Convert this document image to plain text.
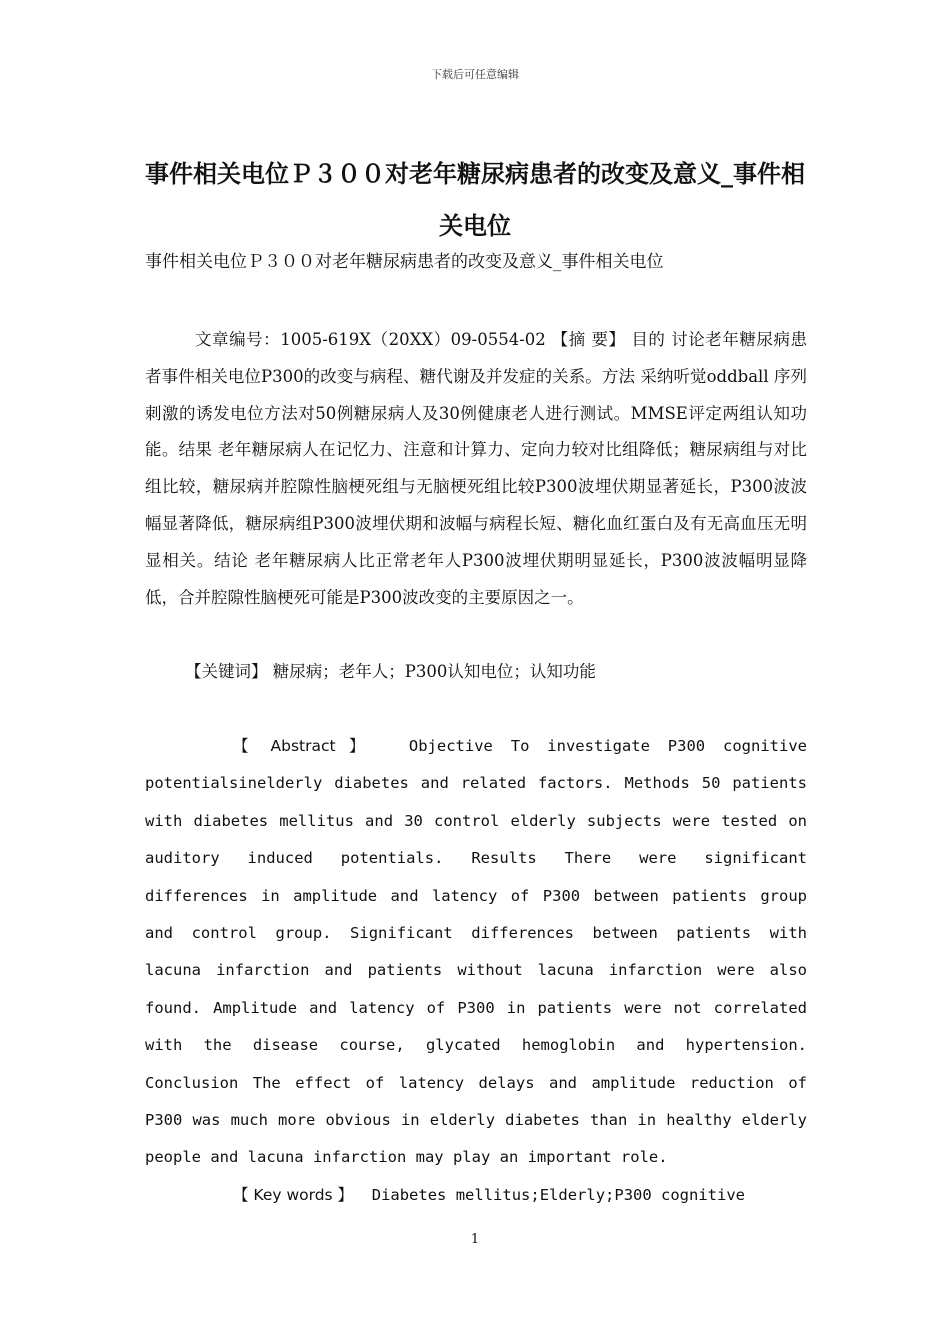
下载后可任意编辑
事件相关电位Ｐ３００对老年糖尿病患者的改变及意义_事件相关电位
事件相关电位Ｐ３００对老年糖尿病患者的改变及意义_事件相关电位
文章编号：1005-619X（20XX）09-0554-02 【摘 要】 目的 讨论老年糖尿病患者事件相关电位P300的改变与病程、糖代谢及并发症的关系。方法 采纳听觉oddball 序列刺激的诱发电位方法对50例糖尿病人及30例健康老人进行测试。MMSE评定两组认知功能。结果 老年糖尿病人在记忆力、注意和计算力、定向力较对比组降低；糖尿病组与对比组比较，糖尿病并腔隙性脑梗死组与无脑梗死组比较P300波埋伏期显著延长，P300波波幅显著降低，糖尿病组P300波埋伏期和波幅与病程长短、糖化血红蛋白及有无高血压无明显相关。结论 老年糖尿病人比正常老年人P300波埋伏期明显延长，P300波波幅明显降低，合并腔隙性脑梗死可能是P300波改变的主要原因之一。
【关键词】 糖尿病；老年人；P300认知电位；认知功能
【 Abstract 】 Objective To investigate P300 cognitive potentialsinelderly diabetes and related factors. Methods 50 patients with diabetes mellitus and 30 control elderly subjects were tested on auditory induced potentials. Results There were significant differences in amplitude and latency of P300 between patients group and control group. Significant differences between patients with lacuna infarction and patients without lacuna infarction were also found. Amplitude and latency of P300 in patients were not correlated with the disease course, glycated hemoglobin and hypertension. Conclusion The effect of latency delays and amplitude reduction of P300 was much more obvious in elderly diabetes than in healthy elderly people and lacuna infarction may play an important role.
【 Key words 】 Diabetes mellitus;Elderly;P300 cognitive
1
